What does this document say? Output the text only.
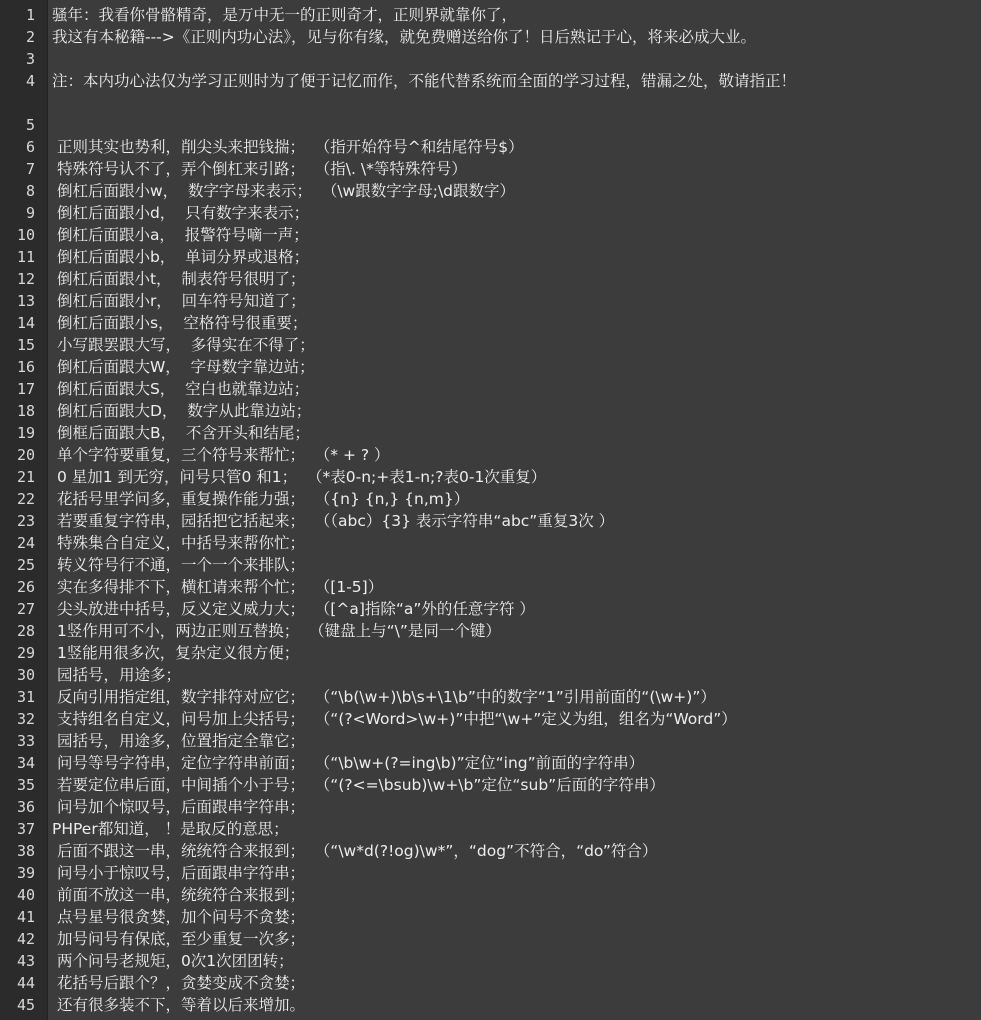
1
2
3
4
5
6
7
8
9
10
11
12
13
14
15
16
17
18
19
20
21
22
23
24
25
26
27
28
29
30
31
32
33
34
35
36
37
38
39
40
41
42
43
44
45
骚年：我看你骨骼精奇，是万中无一的正则奇才，正则界就靠你了，
我这有本秘籍--->《正则内功心法》，见与你有缘，就免费赠送给你了！日后熟记于心，将来必成大业。
注：本内功心法仅为学习正则时为了便于记忆而作，不能代替系统而全面的学习过程，错漏之处，敬请指正！
正则其实也势利，削尖头来把钱揣；  （指开始符号^和结尾符号$）
特殊符号认不了，弄个倒杠来引路；  （指\. \*等特殊符号）
倒杠后面跟小w，  数字字母来表示；  （\w跟数字字母;\d跟数字）
倒杠后面跟小d，  只有数字来表示；
倒杠后面跟小a，  报警符号嘀一声；
倒杠后面跟小b，  单词分界或退格；
倒杠后面跟小t，  制表符号很明了；
倒杠后面跟小r，  回车符号知道了；
倒杠后面跟小s，  空格符号很重要；
小写跟罢跟大写，  多得实在不得了；
倒杠后面跟大W，  字母数字靠边站；
倒杠后面跟大S，  空白也就靠边站；
倒杠后面跟大D，  数字从此靠边站；
倒框后面跟大B，  不含开头和结尾；
单个字符要重复，三个符号来帮忙；  （* + ? ）
0 星加1 到无穷，问号只管0 和1；  （*表0-n;+表1-n;?表0-1次重复）
花括号里学问多，重复操作能力强；  （{n} {n,} {n,m}）
若要重复字符串，园括把它括起来；  （（abc）{3} 表示字符串“abc”重复3次 ）
特殊集合自定义，中括号来帮你忙；
转义符号行不通，一个一个来排队；
实在多得排不下，横杠请来帮个忙；  （[1-5]）
尖头放进中括号，反义定义威力大；  （[^a]指除“a”外的任意字符 ）
1竖作用可不小，两边正则互替换；  （键盘上与“\”是同一个键）
1竖能用很多次，复杂定义很方便；
园括号，用途多；
反向引用指定组，数字排符对应它；  （“\b(\w+)\b\s+\1\b”中的数字“1”引用前面的“(\w+)”）
支持组名自定义，问号加上尖括号；  （“(?<Word>\w+)”中把“\w+”定义为组，组名为“Word”）
园括号，用途多，位置指定全靠它；
问号等号字符串，定位字符串前面；  （“\b\w+(?=ing\b)”定位“ing”前面的字符串）
若要定位串后面，中间插个小于号；  （“(?<=\bsub)\w+\b”定位“sub”后面的字符串）
问号加个惊叹号，后面跟串字符串；
PHPer都知道， ！是取反的意思；
后面不跟这一串，统统符合来报到；  （“\w*d(?!og)\w*”，“dog”不符合，“do”符合）
问号小于惊叹号，后面跟串字符串；
前面不放这一串，统统符合来报到；
点号星号很贪婪，加个问号不贪婪；
加号问号有保底，至少重复一次多；
两个问号老规矩，0次1次团团转；
花括号后跟个？，贪婪变成不贪婪；
还有很多装不下，等着以后来增加。
